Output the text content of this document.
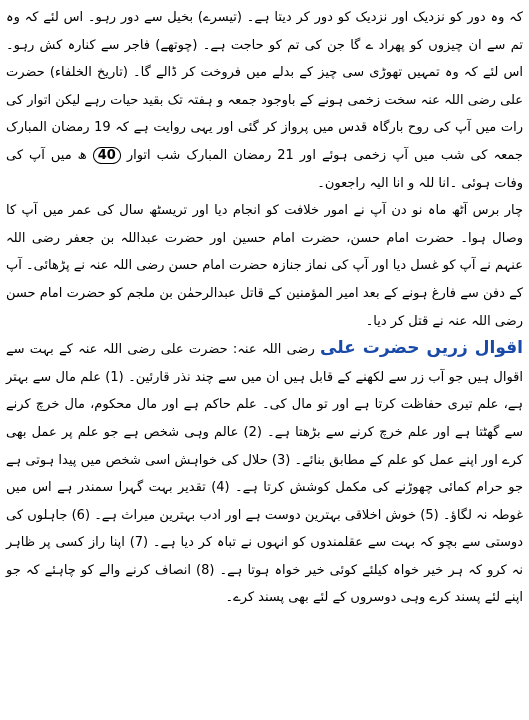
کہ وہ دور کو نزدیک اور نزدیک کو دور کر دیتا ہے۔ (تیسرے) بخیل سے دور رہو۔ اس لئے کہ وہ تم سے ان چیزوں کو پھراد ے گا جن کی تم کو حاجت ہے۔ (چوتھے) فاجر سے کنارہ کش رہو۔ اس لئے کہ وہ تمہیں تھوڑی سی چیز کے بدلے میں فروخت کر ڈالے گا۔ (تاریخ الخلفاء) حضرت علی رضی اللہ عنہ سخت زخمی ہونے کے باوجود جمعہ و ہفتہ تک بقید حیات رہے لیکن اتوار کی رات میں آپ کی روح بارگاہ قدس میں پرواز کر گئی اور یہی روایت ہے کہ 19 رمضان المبارک جمعہ کی شب میں آپ زخمی ہوئے اور 21 رمضان المبارک شب اتوار 40 ھ میں آپ کی وفات ہوئی ۔انا للہ و انا الیہ راجعون۔

چار برس آٹھ ماہ نو دن آپ نے امور خلافت کو انجام دیا اور تریسٹھ سال کی عمر میں آپ کا وصال ہوا۔ حضرت امام حسن، حضرت امام حسین اور حضرت عبداللہ بن جعفر رضی اللہ عنہم نے آپ کو غسل دیا اور آپ کی نماز جنازہ حضرت امام حسن رضی اللہ عنہ نے پڑھائی۔ آپ کے دفن سے فارغ ہونے کے بعد امیر المؤمنین کے قاتل عبدالرحمٰن بن ملجم کو حضرت امام حسن رضی اللہ عنہ نے قتل کر دیا۔

اقوال زریں حضرت علی رضی اللہ عنہ: حضرت علی رضی اللہ عنہ کے بہت سے اقوال ہیں جو آب زر سے لکھنے کے قابل ہیں ان میں سے چند نذر قارئین۔ (1) علم مال سے بہتر ہے، علم تیری حفاظت کرتا ہے اور تو مال کی۔ علم حاکم ہے اور مال محکوم، مال خرچ کرنے سے گھٹتا ہے اور علم خرچ کرنے سے بڑھتا ہے۔ (2) عالم وہی شخص ہے جو علم پر عمل بھی کرے اور اپنے عمل کو علم کے مطابق بنائے۔ (3) حلال کی خواہش اسی شخص میں پیدا ہوتی ہے جو حرام کمائی چھوڑنے کی مکمل کوشش کرتا ہے۔ (4) تقدیر بہت گہرا سمندر ہے اس میں غوطہ نہ لگاؤ۔ (5) خوش اخلاقی بہترین دوست ہے اور ادب بہترین میراث ہے۔ (6) جاہلوں کی دوستی سے بچو کہ بہت سے عقلمندوں کو انہوں نے تباہ کر دیا ہے۔ (7) اپنا راز کسی پر ظاہر نہ کرو کہ ہر خیر خواہ کیلئے کوئی خیر خواہ ہوتا ہے۔ (8) انصاف کرنے والے کو چاہئے کہ جو اپنے لئے پسند کرے وہی دوسروں کے لئے بھی پسند کرے۔
